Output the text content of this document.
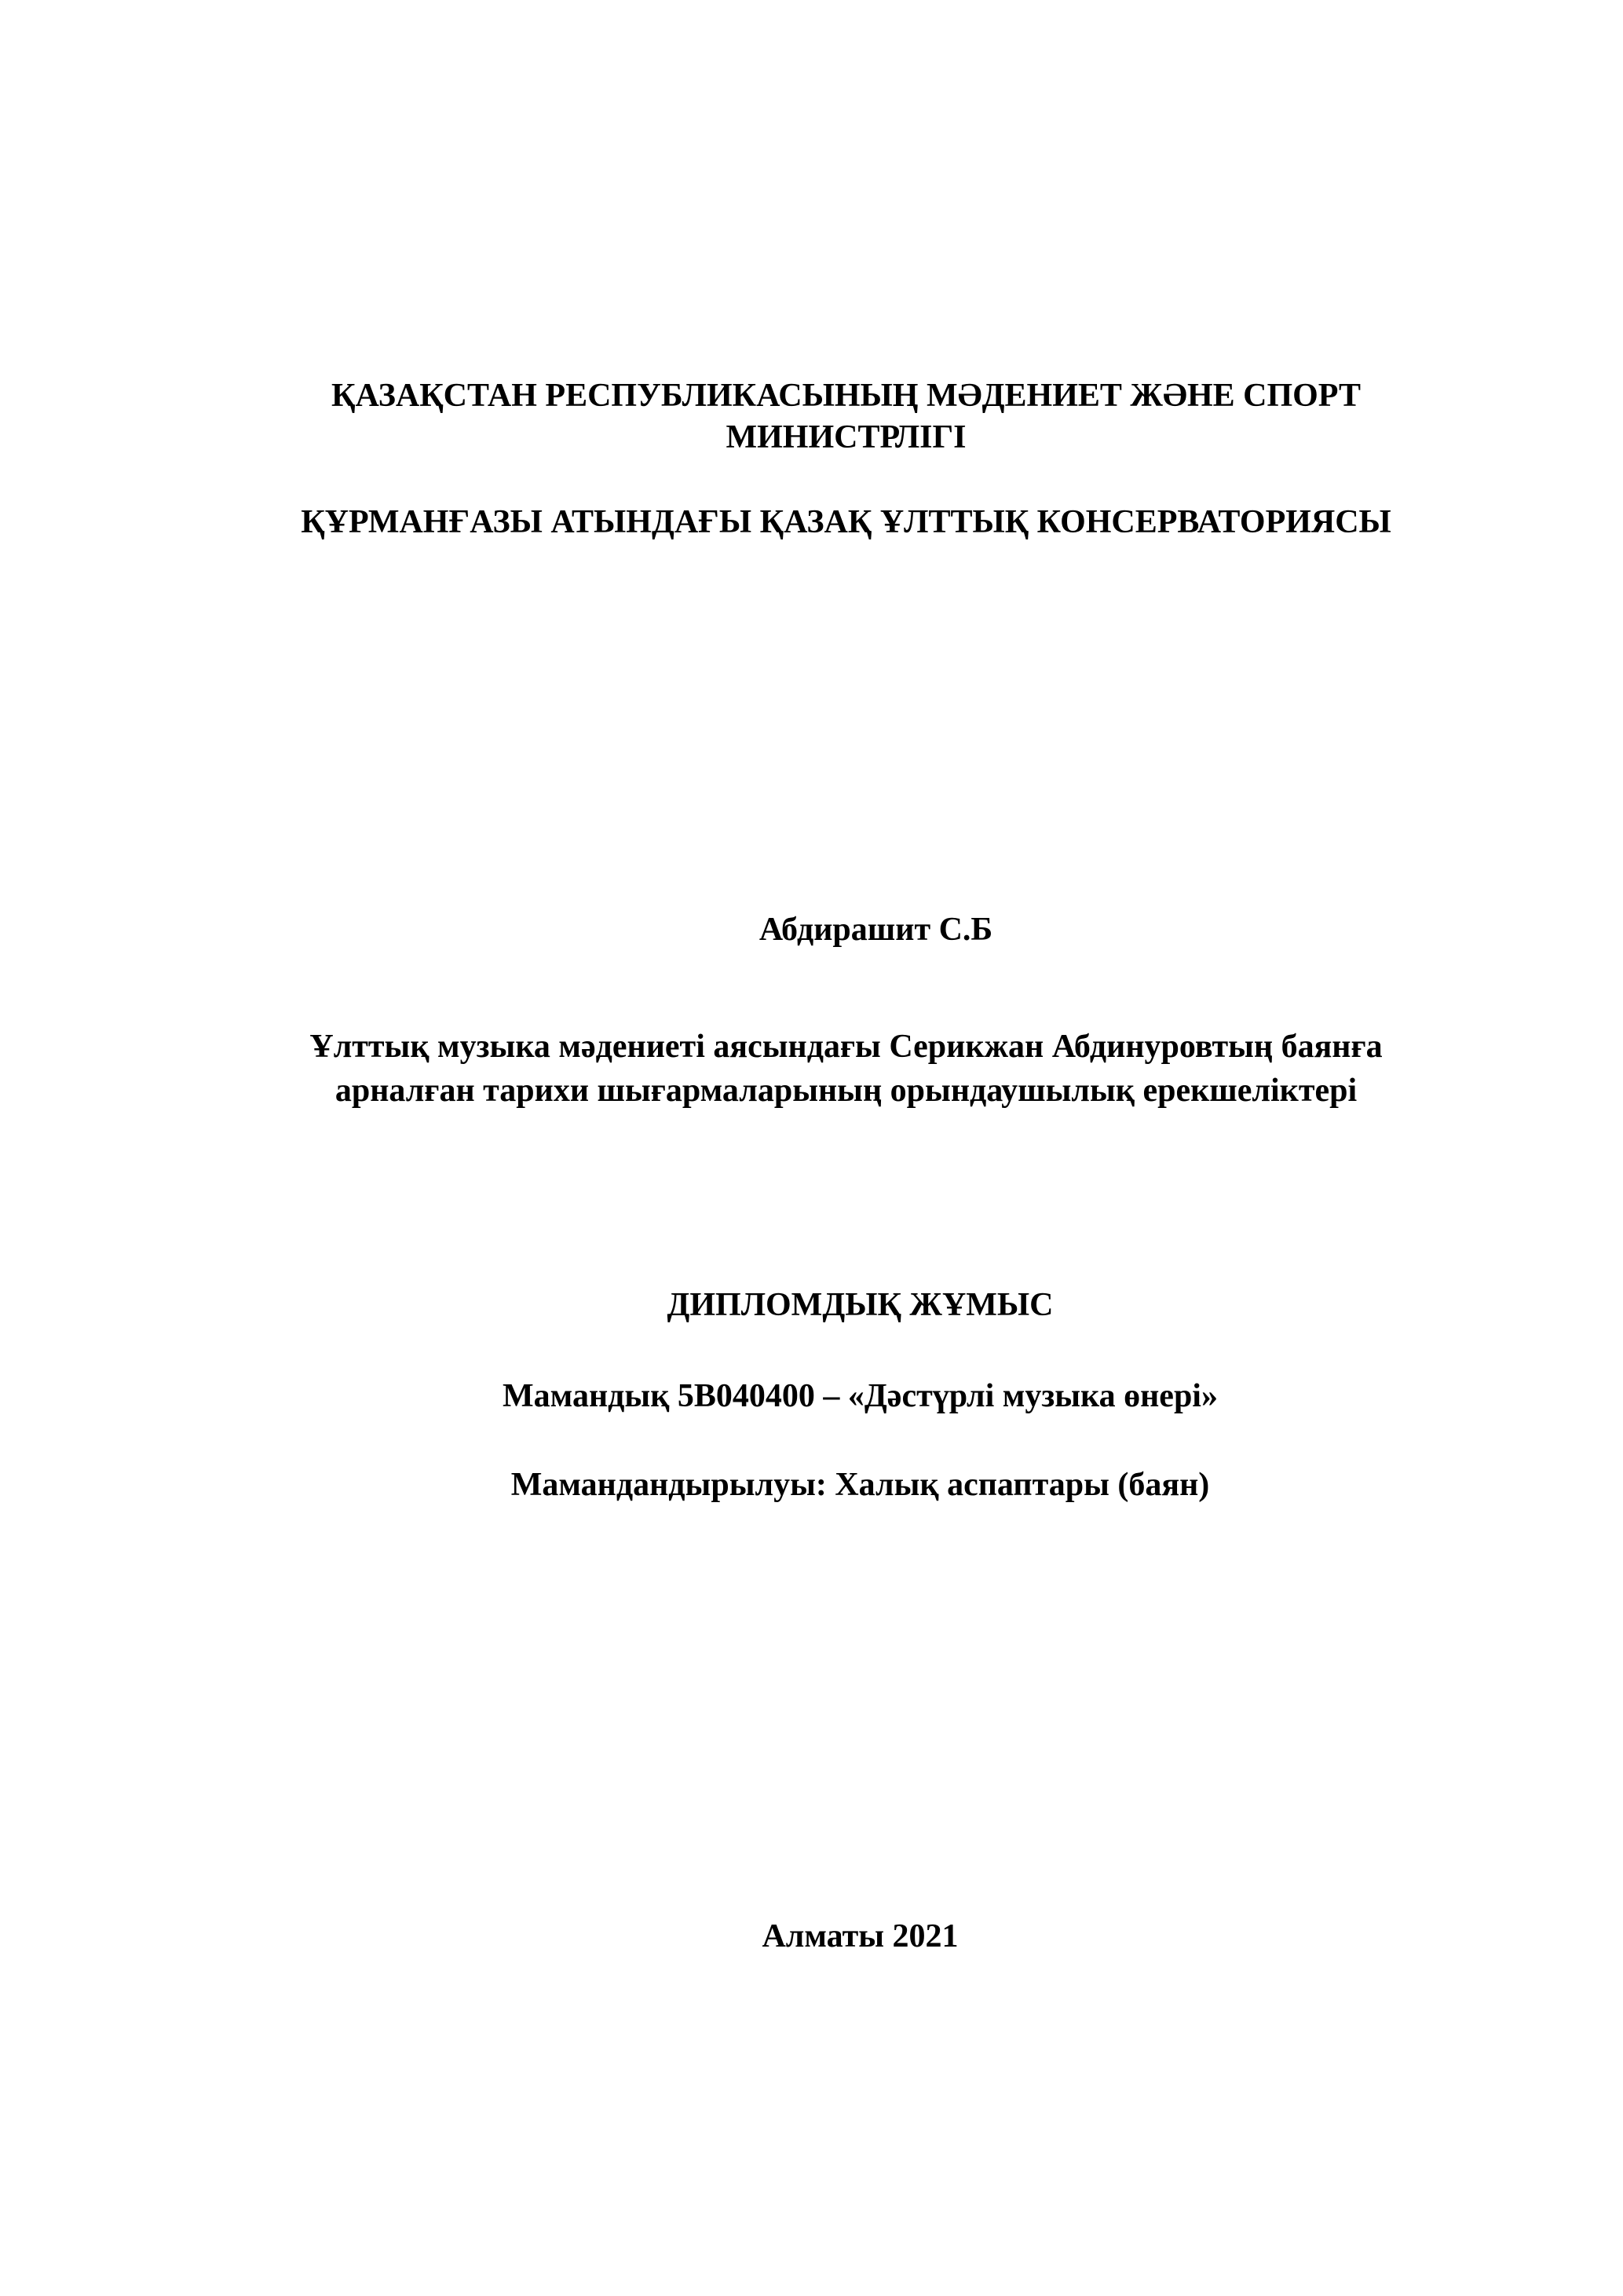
ҚАЗАҚСТАН РЕСПУБЛИКАСЫНЫҢ МӘДЕНИЕТ ЖӘНЕ СПОРТ
МИНИСТРЛІГІ
ҚҰРМАНҒАЗЫ АТЫНДАҒЫ ҚАЗАҚ ҰЛТТЫҚ КОНСЕРВАТОРИЯСЫ
Абдирашит С.Б
Ұлттық музыка мәдениеті аясындағы Серикжан Абдинуровтың баянға
арналған тарихи шығармаларының орындаушылық ерекшеліктері
ДИПЛОМДЫҚ ЖҰМЫС
Мамандық 5В040400 – «Дәстүрлі музыка өнері»
Мамандандырылуы: Халық аспаптары (баян)
Алматы 2021
